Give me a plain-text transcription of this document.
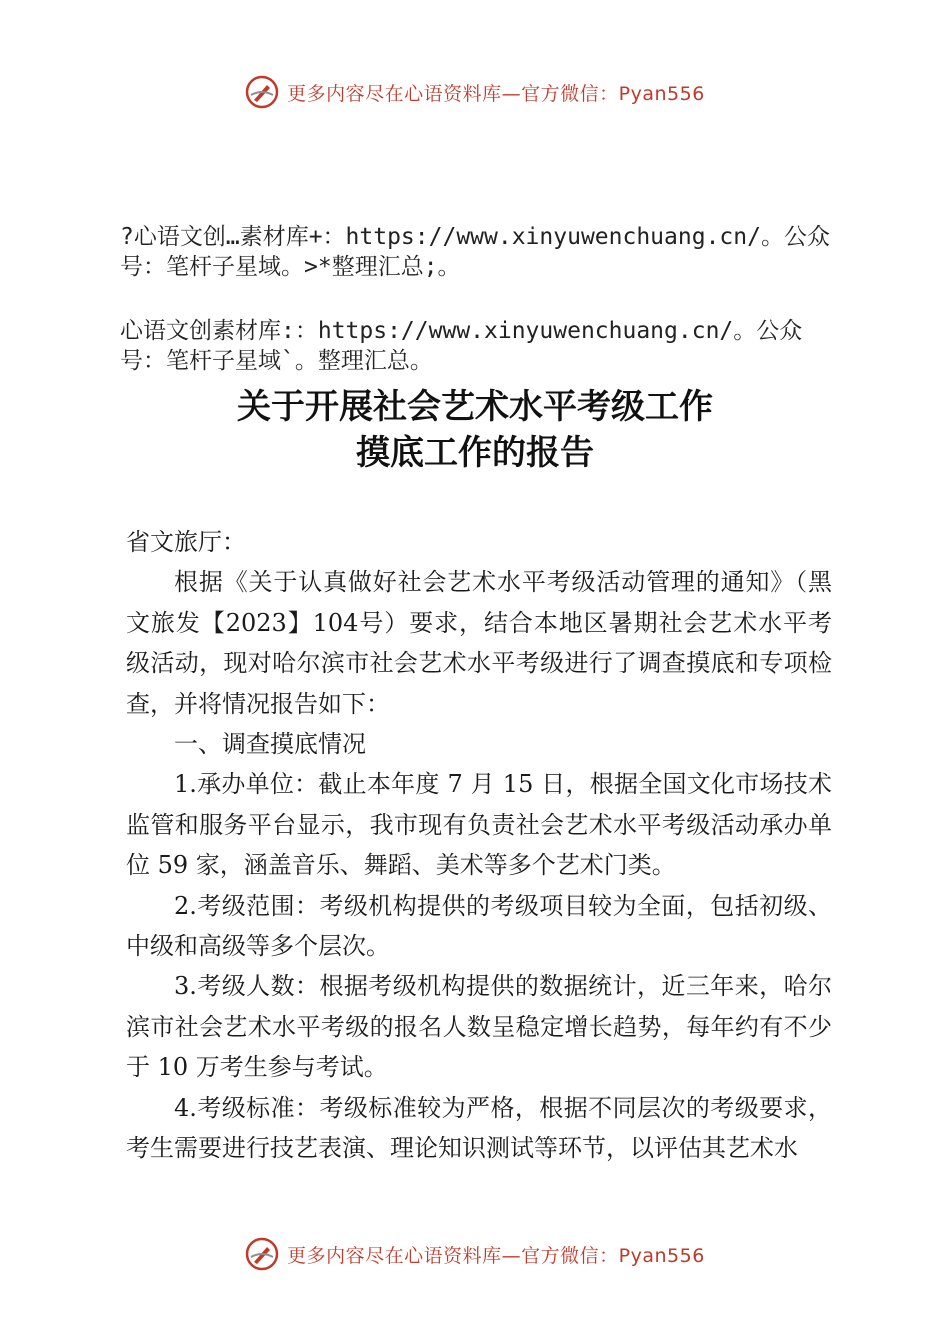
更多内容尽在心语资料库—官方微信：Pyan556

?心语文创…素材库+：https://www.xinyuwenchuang.cn/。公众号：笔杆子星域。>*整理汇总;。

心语文创素材库:：https://www.xinyuwenchuang.cn/。公众号：笔杆子星域`。整理汇总。

关于开展社会艺术水平考级工作
摸底工作的报告

省文旅厅：

根据《关于认真做好社会艺术水平考级活动管理的通知》（黑文旅发【2023】104号）要求，结合本地区暑期社会艺术水平考级活动，现对哈尔滨市社会艺术水平考级进行了调查摸底和专项检查，并将情况报告如下：

一、调查摸底情况

1.承办单位：截止本年度 7 月 15 日，根据全国文化市场技术监管和服务平台显示，我市现有负责社会艺术水平考级活动承办单位 59 家，涵盖音乐、舞蹈、美术等多个艺术门类。

2.考级范围：考级机构提供的考级项目较为全面，包括初级、中级和高级等多个层次。

3.考级人数：根据考级机构提供的数据统计，近三年来，哈尔滨市社会艺术水平考级的报名人数呈稳定增长趋势，每年约有不少于 10 万考生参与考试。

4.考级标准：考级标准较为严格，根据不同层次的考级要求，考生需要进行技艺表演、理论知识测试等环节，以评估其艺术水

更多内容尽在心语资料库—官方微信：Pyan556
